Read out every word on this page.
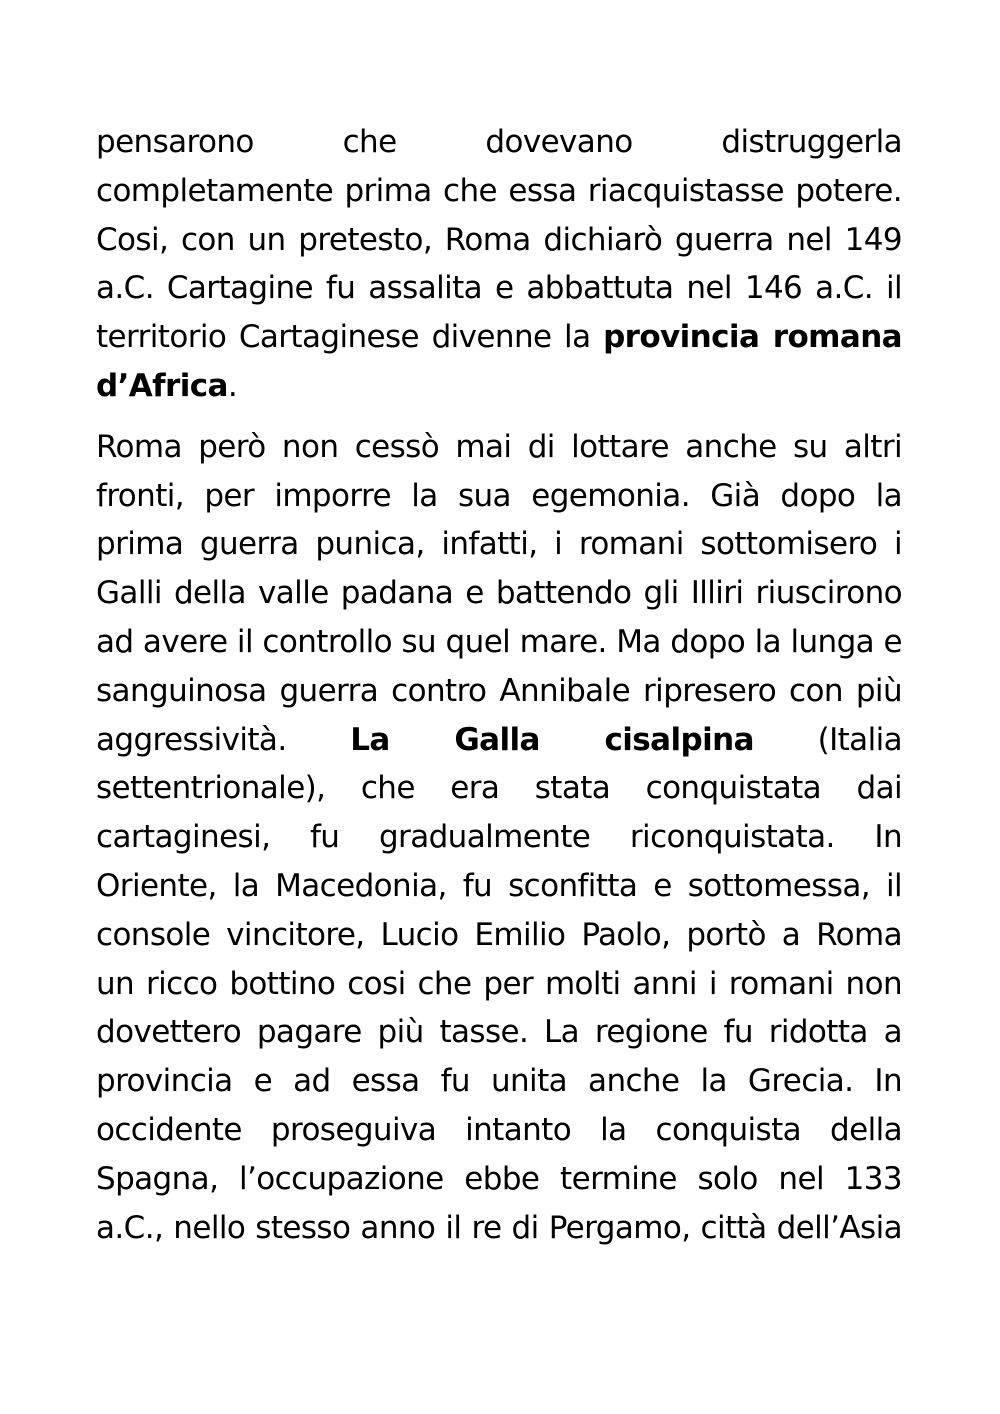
pensarono che dovevano distruggerla completamente prima che essa riacquistasse potere. Cosi, con un pretesto, Roma dichiarò guerra nel 149 a.C. Cartagine fu assalita e abbattuta nel 146 a.C. il territorio Cartaginese divenne la provincia romana d’Africa.

Roma però non cessò mai di lottare anche su altri fronti, per imporre la sua egemonia. Già dopo la prima guerra punica, infatti, i romani sottomisero i Galli della valle padana e battendo gli Illiri riuscirono ad avere il controllo su quel mare. Ma dopo la lunga e sanguinosa guerra contro Annibale ripresero con più aggressività. La Galla cisalpina (Italia settentrionale), che era stata conquistata dai cartaginesi, fu gradualmente riconquistata. In Oriente, la Macedonia, fu sconfitta e sottomessa, il console vincitore, Lucio Emilio Paolo, portò a Roma un ricco bottino cosi che per molti anni i romani non dovettero pagare più tasse. La regione fu ridotta a provincia e ad essa fu unita anche la Grecia. In occidente proseguiva intanto la conquista della Spagna, l’occupazione ebbe termine solo nel 133 a.C., nello stesso anno il re di Pergamo, città dell’Asia
